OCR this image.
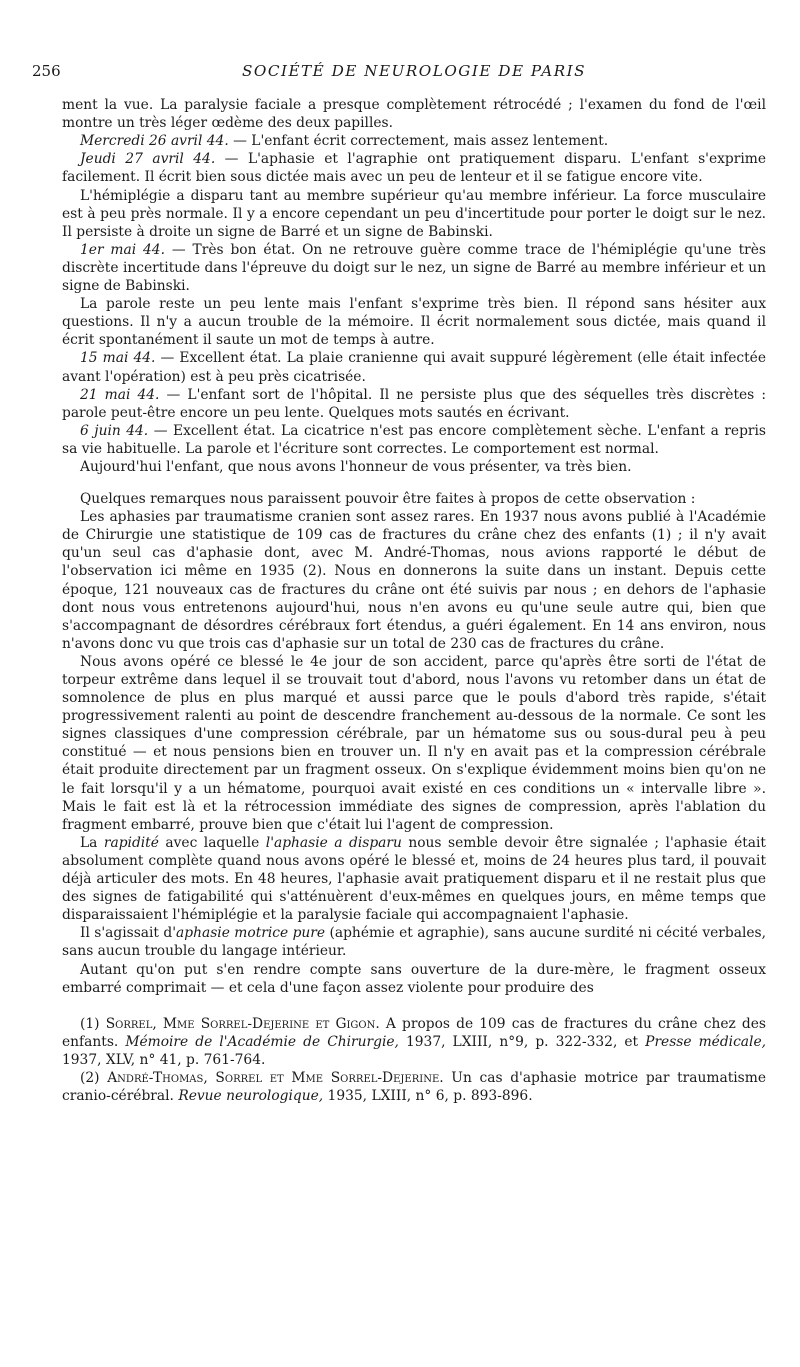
256	SOCIÉTÉ DE NEUROLOGIE DE PARIS

ment la vue. La paralysie faciale a presque complètement rétrocédé ; l'examen du fond de l'œil montre un très léger œdème des deux papilles.

Mercredi 26 avril 44. — L'enfant écrit correctement, mais assez lentement.

Jeudi 27 avril 44. — L'aphasie et l'agraphie ont pratiquement disparu. L'enfant s'exprime facilement. Il écrit bien sous dictée mais avec un peu de lenteur et il se fatigue encore vite.

L'hémiplégie a disparu tant au membre supérieur qu'au membre inférieur. La force musculaire est à peu près normale. Il y a encore cependant un peu d'incertitude pour porter le doigt sur le nez. Il persiste à droite un signe de Barré et un signe de Babinski.

1er mai 44. — Très bon état. On ne retrouve guère comme trace de l'hémiplégie qu'une très discrète incertitude dans l'épreuve du doigt sur le nez, un signe de Barré au membre inférieur et un signe de Babinski.

La parole reste un peu lente mais l'enfant s'exprime très bien. Il répond sans hésiter aux questions. Il n'y a aucun trouble de la mémoire. Il écrit normalement sous dictée, mais quand il écrit spontanément il saute un mot de temps à autre.

15 mai 44. — Excellent état. La plaie cranienne qui avait suppuré légèrement (elle était infectée avant l'opération) est à peu près cicatrisée.

21 mai 44. — L'enfant sort de l'hôpital. Il ne persiste plus que des séquelles très discrètes : parole peut-être encore un peu lente. Quelques mots sautés en écrivant.

6 juin 44. — Excellent état. La cicatrice n'est pas encore complètement sèche. L'enfant a repris sa vie habituelle. La parole et l'écriture sont correctes. Le comportement est normal.

Aujourd'hui l'enfant, que nous avons l'honneur de vous présenter, va très bien.

Quelques remarques nous paraissent pouvoir être faites à propos de cette observation :

Les aphasies par traumatisme cranien sont assez rares. En 1937 nous avons publié à l'Académie de Chirurgie une statistique de 109 cas de fractures du crâne chez des enfants (1) ; il n'y avait qu'un seul cas d'aphasie dont, avec M. André-Thomas, nous avions rapporté le début de l'observation ici même en 1935 (2). Nous en donnerons la suite dans un instant. Depuis cette époque, 121 nouveaux cas de fractures du crâne ont été suivis par nous ; en dehors de l'aphasie dont nous vous entretenons aujourd'hui, nous n'en avons eu qu'une seule autre qui, bien que s'accompagnant de désordres cérébraux fort étendus, a guéri également. En 14 ans environ, nous n'avons donc vu que trois cas d'aphasie sur un total de 230 cas de fractures du crâne.

Nous avons opéré ce blessé le 4e jour de son accident, parce qu'après être sorti de l'état de torpeur extrême dans lequel il se trouvait tout d'abord, nous l'avons vu retomber dans un état de somnolence de plus en plus marqué et aussi parce que le pouls d'abord très rapide, s'était progressivement ralenti au point de descendre franchement au-dessous de la normale. Ce sont les signes classiques d'une compression cérébrale, par un hématome sus ou sous-dural peu à peu constitué — et nous pensions bien en trouver un. Il n'y en avait pas et la compression cérébrale était produite directement par un fragment osseux. On s'explique évidemment moins bien qu'on ne le fait lorsqu'il y a un hématome, pourquoi avait existé en ces conditions un « intervalle libre ». Mais le fait est là et la rétrocession immédiate des signes de compression, après l'ablation du fragment embarré, prouve bien que c'était lui l'agent de compression.

La rapidité avec laquelle l'aphasie a disparu nous semble devoir être signalée ; l'aphasie était absolument complète quand nous avons opéré le blessé et, moins de 24 heures plus tard, il pouvait déjà articuler des mots. En 48 heures, l'aphasie avait pratiquement disparu et il ne restait plus que des signes de fatigabilité qui s'atténuèrent d'eux-mêmes en quelques jours, en même temps que disparaissaient l'hémiplégie et la paralysie faciale qui accompagnaient l'aphasie.

Il s'agissait d'aphasie motrice pure (aphémie et agraphie), sans aucune surdité ni cécité verbales, sans aucun trouble du langage intérieur.

Autant qu'on put s'en rendre compte sans ouverture de la dure-mère, le fragment osseux embarré comprimait — et cela d'une façon assez violente pour produire des

(1) Sorrel, Mme Sorrel-Dejerine et Gigon. A propos de 109 cas de fractures du crâne chez des enfants. Mémoire de l'Académie de Chirurgie, 1937, LXIII, n°9, p. 322-332, et Presse médicale, 1937, XLV, n° 41, p. 761-764.

(2) André-Thomas, Sorrel et Mme Sorrel-Dejerine. Un cas d'aphasie motrice par traumatisme cranio-cérébral. Revue neurologique, 1935, LXIII, n° 6, p. 893-896.
